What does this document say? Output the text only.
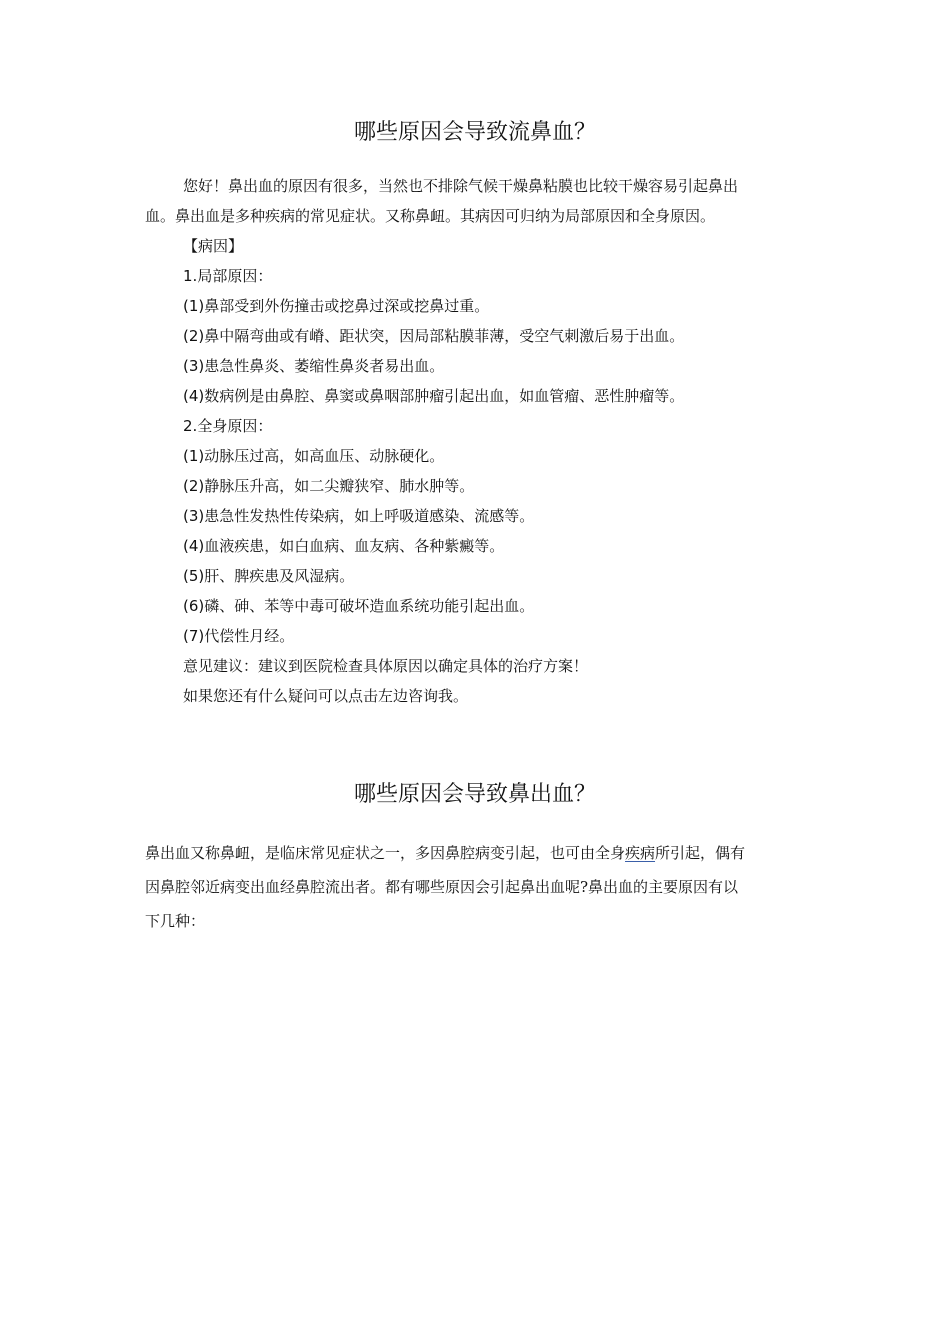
哪些原因会导致流鼻血？

您好！鼻出血的原因有很多，当然也不排除气候干燥鼻粘膜也比较干燥容易引起鼻出

血。鼻出血是多种疾病的常见症状。又称鼻衄。其病因可归纳为局部原因和全身原因。

【病因】

1.局部原因：

(1)鼻部受到外伤撞击或挖鼻过深或挖鼻过重。

(2)鼻中隔弯曲或有嵴、距状突，因局部粘膜菲薄，受空气刺激后易于出血。

(3)患急性鼻炎、萎缩性鼻炎者易出血。

(4)数病例是由鼻腔、鼻窦或鼻咽部肿瘤引起出血，如血管瘤、恶性肿瘤等。

2.全身原因：

(1)动脉压过高，如高血压、动脉硬化。

(2)静脉压升高，如二尖瓣狭窄、肺水肿等。

(3)患急性发热性传染病，如上呼吸道感染、流感等。

(4)血液疾患，如白血病、血友病、各种紫癜等。

(5)肝、脾疾患及风湿病。

(6)磷、砷、苯等中毒可破坏造血系统功能引起出血。

(7)代偿性月经。

意见建议：建议到医院检查具体原因以确定具体的治疗方案！

如果您还有什么疑问可以点击左边咨询我。

哪些原因会导致鼻出血？

鼻出血又称鼻衄，是临床常见症状之一，多因鼻腔病变引起，也可由全身疾病所引起，偶有

因鼻腔邻近病变出血经鼻腔流出者。都有哪些原因会引起鼻出血呢?鼻出血的主要原因有以

下几种：
